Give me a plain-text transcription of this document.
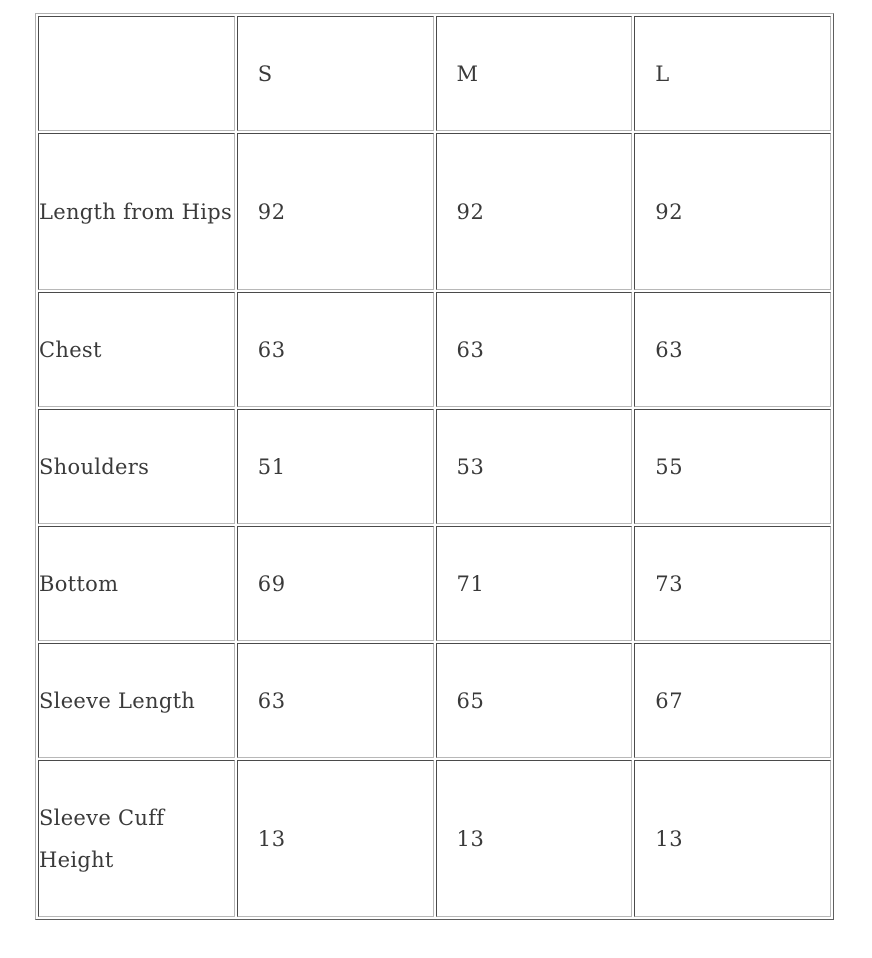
	S	M	L
Length from Hips	92	92	92
Chest	63	63	63
Shoulders	51	53	55
Bottom	69	71	73
Sleeve Length	63	65	67
Sleeve Cuff Height	13	13	13
